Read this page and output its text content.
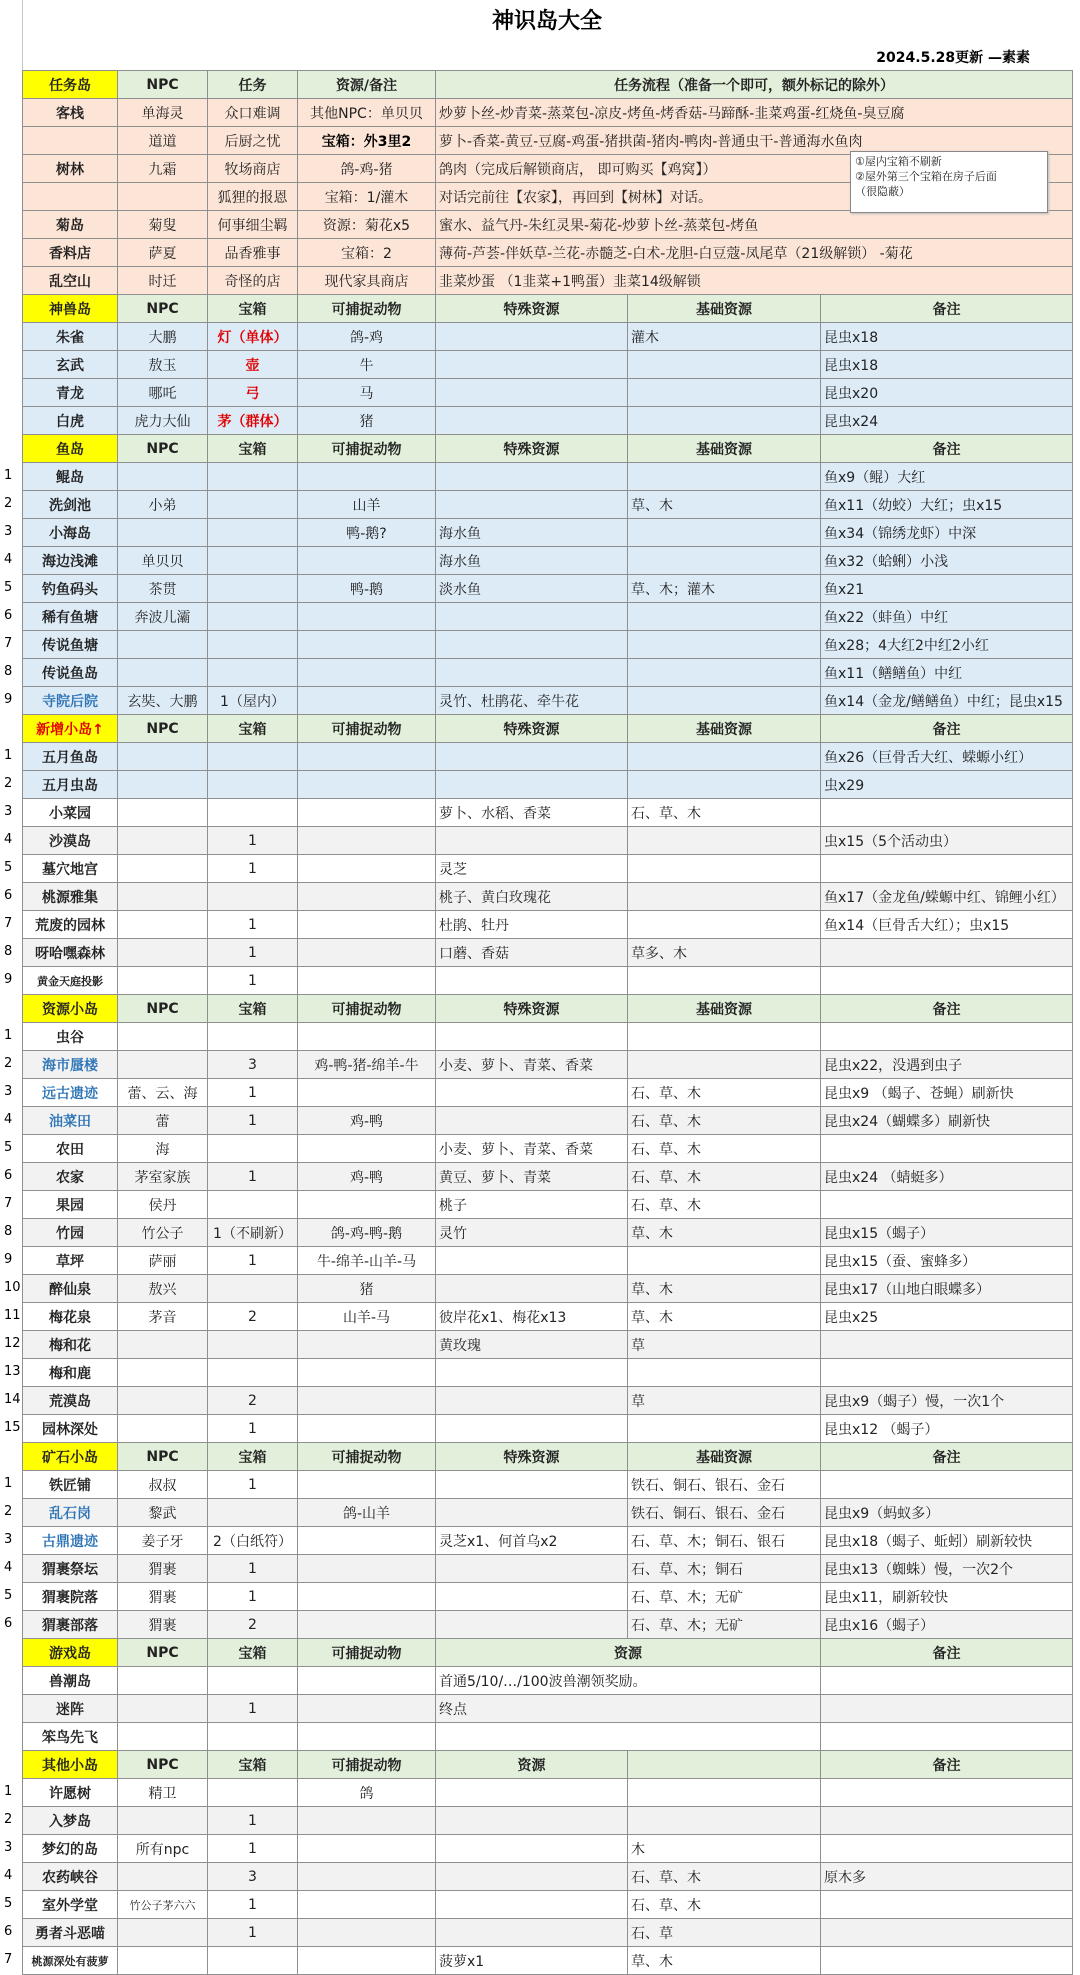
1
2
3
4
5
6
7
8
9
1
2
3
4
5
6
7
8
9
1
2
3
4
5
6
7
8
9
10
11
12
13
14
15
1
2
3
4
5
6
1
2
3
4
5
6
7
神识岛大全
2024.5.28更新 —素素
任务岛	NPC	任务	资源/备注	任务流程（准备一个即可，额外标记的除外）		
客栈	单海灵	众口难调	其他NPC：单贝贝	炒萝卜丝-炒青菜-蒸菜包-凉皮-烤鱼-烤香菇-马蹄酥-韭菜鸡蛋-红烧鱼-臭豆腐		
	道道	后厨之忧	宝箱：外3里2	萝卜-香菜-黄豆-豆腐-鸡蛋-猪拱菌-猪肉-鸭肉-普通虫干-普通海水鱼肉		
树林	九霜	牧场商店	鸽-鸡-猪	鸽肉（完成后解锁商店， 即可购买【鸡窝】）		
		狐狸的报恩	宝箱：1/灌木	对话完前往【农家】，再回到【树林】对话。		
菊岛	菊叟	何事细尘羁	资源：菊花x5	蜜水、益气丹-朱红灵果-菊花-炒萝卜丝-蒸菜包-烤鱼		
香料店	萨夏	品香雅事	宝箱：2	薄荷-芦荟-伴妖草-兰花-赤髓芝-白术-龙胆-白豆蔻-凤尾草（21级解锁） -菊花		
乱空山	时迁	奇怪的店	现代家具商店	韭菜炒蛋 （1韭菜+1鸭蛋）韭菜14级解锁		
神兽岛	NPC	宝箱	可捕捉动物	特殊资源	基础资源	备注
朱雀	大鹏	灯（单体）	鸽-鸡		灌木	昆虫x18
玄武	敖玉	壶	牛			昆虫x18
青龙	哪吒	弓	马			昆虫x20
白虎	虎力大仙	茅（群体）	猪			昆虫x24
鱼岛	NPC	宝箱	可捕捉动物	特殊资源	基础资源	备注
鲲岛						鱼x9（鲲）大红
洗剑池	小弟		山羊		草、木	鱼x11（幼蛟）大红；虫x15
小海岛			鸭-鹅?	海水鱼		鱼x34（锦绣龙虾）中深
海边浅滩	单贝贝			海水鱼		鱼x32（蛤蜊）小浅
钓鱼码头	茶贯		鸭-鹅	淡水鱼	草、木；灌木	鱼x21
稀有鱼塘	奔波儿灞					鱼x22（蚌鱼）中红
传说鱼塘						鱼x28；4大红2中红2小红
传说鱼岛						鱼x11（鳝鳝鱼）中红
寺院后院	玄奘、大鹏	1（屋内）		灵竹、杜鹃花、牵牛花		鱼x14（金龙/鳝鳝鱼）中红；昆虫x15
新增小岛↑	NPC	宝箱	可捕捉动物	特殊资源	基础资源	备注
五月鱼岛						鱼x26（巨骨舌大红、蝾螈小红）
五月虫岛						虫x29
小菜园				萝卜、水稻、香菜	石、草、木	
沙漠岛		1				虫x15（5个活动虫）
墓穴地宫		1		灵芝		
桃源雅集				桃子、黄白玫瑰花		鱼x17（金龙鱼/蝾螈中红、锦鲤小红）
荒废的园林		1		杜鹃、牡丹		鱼x14（巨骨舌大红）；虫x15
呀哈嘿森林		1		口蘑、香菇	草多、木	
黄金天庭投影		1				
资源小岛	NPC	宝箱	可捕捉动物	特殊资源	基础资源	备注
虫谷						
海市蜃楼		3	鸡-鸭-猪-绵羊-牛	小麦、萝卜、青菜、香菜		昆虫x22，没遇到虫子
远古遗迹	蕾、云、海	1			石、草、木	昆虫x9 （蝎子、苍蝇）刷新快
油菜田	蕾	1	鸡-鸭		石、草、木	昆虫x24（蝴蝶多）刷新快
农田	海			小麦、萝卜、青菜、香菜	石、草、木	
农家	茅室家族	1	鸡-鸭	黄豆、萝卜、青菜	石、草、木	昆虫x24 （蜻蜓多）
果园	侯丹			桃子	石、草、木	
竹园	竹公子	1（不刷新）	鸽-鸡-鸭-鹅	灵竹	草、木	昆虫x15（蝎子）
草坪	萨丽	1	牛-绵羊-山羊-马			昆虫x15（蚕、蜜蜂多）
醉仙泉	敖兴		猪		草、木	昆虫x17（山地白眼蝶多）
梅花泉	茅音	2	山羊-马	彼岸花x1、梅花x13	草、木	昆虫x25
梅和花				黄玫瑰	草	
梅和鹿						
荒漠岛		2			草	昆虫x9（蝎子）慢，一次1个
园林深处		1				昆虫x12 （蝎子）
矿石小岛	NPC	宝箱	可捕捉动物	特殊资源	基础资源	备注
铁匠铺	叔叔	1			铁石、铜石、银石、金石	
乱石岗	黎武		鸽-山羊		铁石、铜石、银石、金石	昆虫x9（蚂蚁多）
古鼎遗迹	姜子牙	2（白纸符）		灵芝x1、何首乌x2	石、草、木；铜石、银石	昆虫x18（蝎子、蚯蚓）刷新较快
猬裹祭坛	猬裹	1			石、草、木；铜石	昆虫x13（蜘蛛）慢，一次2个
猬裹院落	猬裹	1			石、草、木；无矿	昆虫x11，刷新较快
猬裹部落	猬裹	2			石、草、木；无矿	昆虫x16（蝎子）
游戏岛	NPC	宝箱	可捕捉动物	资源		备注
兽潮岛				首通5/10/…/100波兽潮领奖励。		
迷阵		1		终点		
笨鸟先飞						
其他小岛	NPC	宝箱	可捕捉动物	资源		备注
许愿树	精卫		鸽			
入梦岛		1				
梦幻的岛	所有npc	1			木	
农药峡谷		3			石、草、木	原木多
室外学堂	竹公子茅六六	1			石、草、木	
勇者斗恶喵		1			石、草	
桃源深处有菠萝				菠萝x1	草、木	
①屋内宝箱不刷新
②屋外第三个宝箱在房子后面
（很隐蔽）
